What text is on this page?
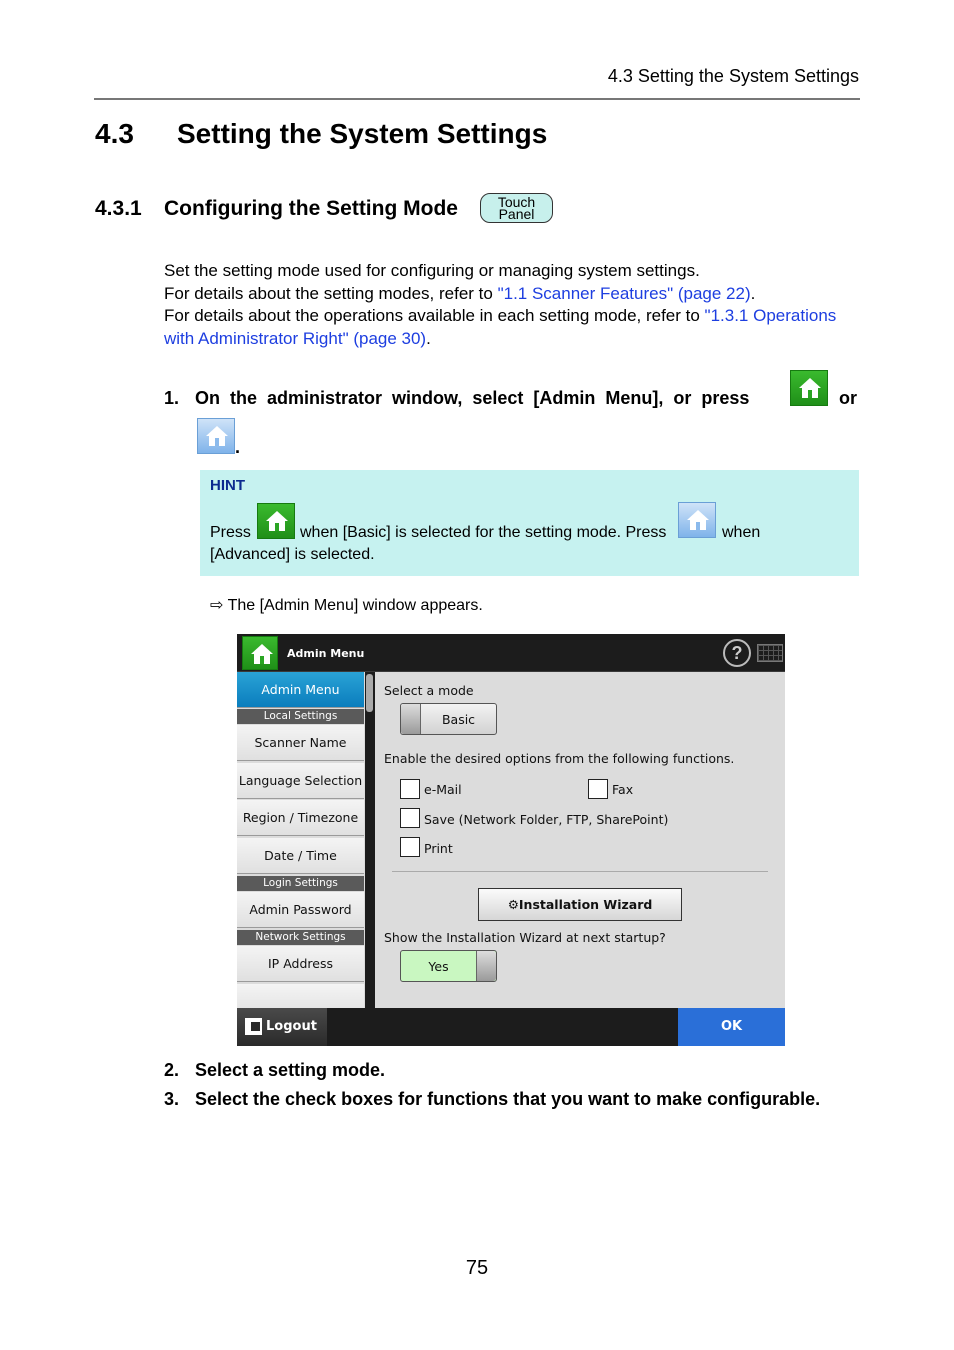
4.3 Setting the System Settings
4.3 Setting the System Settings
4.3.1 Configuring the Setting Mode	Touch
Panel
Set the setting mode used for configuring or managing system settings.
For details about the setting modes, refer to "1.1 Scanner Features" (page 22).
For details about the operations available in each setting mode, refer to "1.3.1 Operations
with Administrator Right" (page 30).
1. On the administrator window, select [Admin Menu], or press	or
.
HINT
Press	when [Basic] is selected for the setting mode. Press	when
[Advanced] is selected.
⇨ The [Admin Menu] window appears.
Admin Menu	?
Admin Menu
Local Settings
Scanner Name
Language Selection
Region / Timezone
Date / Time
Login Settings
Admin Password
Network Settings
IP Address
Select a mode
Basic
Enable the desired options from the following functions.
e-Mail	Fax
Save (Network Folder, FTP, SharePoint)
Print
⚙Installation Wizard
Show the Installation Wizard at next startup?
Yes
Logout	OK
2. Select a setting mode.
3. Select the check boxes for functions that you want to make configurable.
75
